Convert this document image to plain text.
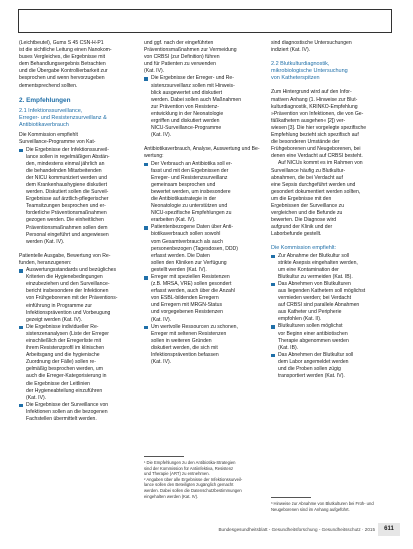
(Leichtbeutel), Gums S 45 CSN-H-P1

ist die sichtliche Leitung einen Nanokom-

buses Vergleiches, die Ergebnisse mit

dem Behandlungsergebnis Betrachten

und die Übergabe Kontrollierbarkeit zur

besprochen und wenn hervorzugeben

dementsprechend sollten.

2. Empfehlungen

2.1 Infektionssurveillance,

Erreger- und Resistenzsurveillanz &

Antibiotikaverbrauch

Die Kommission empfiehlt

Surveillance-Programme von Kat-

Die Ergebnisse der Infektionssurveil-
lance sollen in regelmäßigen Abstän-
den, mindestens einmal jährlich an
die behandelnden Mitarbeitenden
der NICU kommuniziert werden und
dem Krankenhaushygiene diskutiert
werden. Diskutiert sollen die Surveil-
Ergebnisse auf ärztlich-pflegerischer
Teamsitzungen besprochen und er-
forderliche Präventionsmaßnahmen
gezogen werden. Die einheitlichen
Präventionsmaßnahmen sollen dem
Personal eingeführt und angewiesen
werden (Kat. IV).

Patientelle Ausgabe, Bewertung von Re-

funden, heranzugenen:

Auswertungsstandards und bezügliches
Kriterien die Hygienebedingungen
einzubeziehen und den Surveillance-
bericht insbesondere der Infektionen
von Frühgeborenen mit der Präventions-
einführung in Programme zur
Infektionsprävention und Vorbeugung
gezeigt werden (Kat. IV).
Die Ergebnisse individueller Re-
sistenzenanalysen (Liste der Erreger
einschließlich der Erregerliste mit
ihrem Resistenzprofil im klinischen
Arbeitsgang und die hygienische
Zuordnung der Fälle) sollen re-
gelmäßig besprochen werden, um
auch die Erreger-Kategorisierung in
die Ergebnisse der Leitlinien
der Hygieneabteilung einzuführen
(Kat. IV).
Die Ergebnisse der Surveillance von
Infektionen sollen an die bezogenen
Fachstellen übermittelt werden.

und ggf. nach der eingeführten

Präventionsmaßnahmen zur Vermeidung

von CRBSI (zur Definition) führen

und für Patienten zu verwenden

(Kat. IV).

Die Ergebnisse der Erreger- und Re-
sistenzsurveillanz sollen mit Hinweis-
blick ausgewertet und diskutiert
werden. Dabei sollen auch Maßnahmen
zur Prävention von Resistenz-
entwicklung in der Neonatologie
ergriffen und diskutiert werden
NICU-Surveillance-Programme
(Kat. IV).

Antibiotikaverbrauch, Analyse, Auswertung und Be-

wertung:

Der Verbrauch an Antibiotika soll er-
fasst und mit den Ergebnissen der
Erreger- und Resistenzsurveillanz
gemeinsam besprochen und
bewertet werden, um insbesondere
die Antibiotikastrategie in der
Neonatologie zu unterstützen und
NICU-spezifische Empfehlungen zu
erarbeiten (Kat. IV).
Patientenbezogene Daten über Anti-
biotikaverbrauch sollen sowohl
vom Gesamtverbrauch als auch
personenbezogen (Tagesdosen, DDD)
erfasst werden. Die Daten
sollen den Kliniken zur Verfügung
gestellt werden (Kat. IV).
Erreger mit speziellen Resistenzen
(z.B. MRSA, VRE) sollen gesondert
erfasst werden, auch über die Anzahl
von ESBL-bildenden Erregern
und Erregern mit MRGN-Status
und vorgegebenen Resistenzen
(Kat. IV).
Um wertvolle Ressourcen zu schonen,
Erreger mit seltenen Resistenzen
sollen in weiteren Gründen
diskutiert werden, die sich mit
Infektionsprävention befassen
(Kat. IV).
¹ Die Empfehlungen zu den Antibiotika-Strategien
sind der Kommission für Antiinfektiva, Resistenz
und Therapie (ART) zu entnehmen.
² Angaben über alle Ergebnisse der Infektionssurveil-
lance sollen den Beteiligten zugänglich gemacht
werden. Dabei sollen die Datenschutzbestimmungen
eingehalten werden (Kat. IV).

sind diagnostische Untersuchungen

indiziert (Kat. IV).

2.2 Blutkulturdiagnostik,

mikrobiologische Untersuchung

von Katheterspitzen

Zum Hintergrund wird auf den Infor-

mativen Anhang (1. Hinweise zur Blut-

kulturdiagnostik, KRINKO-Empfehlung

»Prävention von Infektionen, die von Ge-

fäßkathetern ausgehen« [2]) ver-

wiesen [3]. Die hier vorgelegte spezifische

Empfehlung bezieht sich spezifisch auf

die besonderen Umstände der

Frühgeborenen und Neugeborenen, bei

denen eine Verdacht auf CRBSI besteht.

Auf NICUs kommt es im Rahmen von

Surveillance häufig zu Blutkultur-

abnahmen, die bei Verdacht auf

eine Sepsis durchgeführt werden und

gesondert dokumentiert werden sollten,

um die Ergebnisse mit den

Ergebnissen der Surveillance zu

vergleichen und die Befunde zu

bewerten. Die Diagnose wird

aufgrund der Klinik und der

Laborbefunde gestellt.

Die Kommission empfiehlt:

Zur Abnahme der Blutkultur soll
strikte Asepsis eingehalten werden,
um eine Kontamination der
Blutkultur zu vermeiden (Kat. IB).
Das Abnehmen von Blutkulturen
aus liegenden Kathetern soll möglichst
vermieden werden; bei Verdacht
auf CRBSI sind parallele Abnahmen
aus Katheter und Peripherie
empfohlen (Kat. II).
Blutkulturen sollen möglichst
vor Beginn einer antibiotischen
Therapie abgenommen werden
(Kat. IB).
Das Abnehmen der Blutkultur soll
dem Labor angemeldet werden
und die Proben sollen zügig
transportiert werden (Kat. IV).
³ Hinweise zur Abnahme von Blutkulturen bei Früh- und
Neugeborenen sind im Anhang aufgeführt.
Bundesgesundheitsblatt - Gesundheitsforschung - Gesundheitsschutz · 2015	611
